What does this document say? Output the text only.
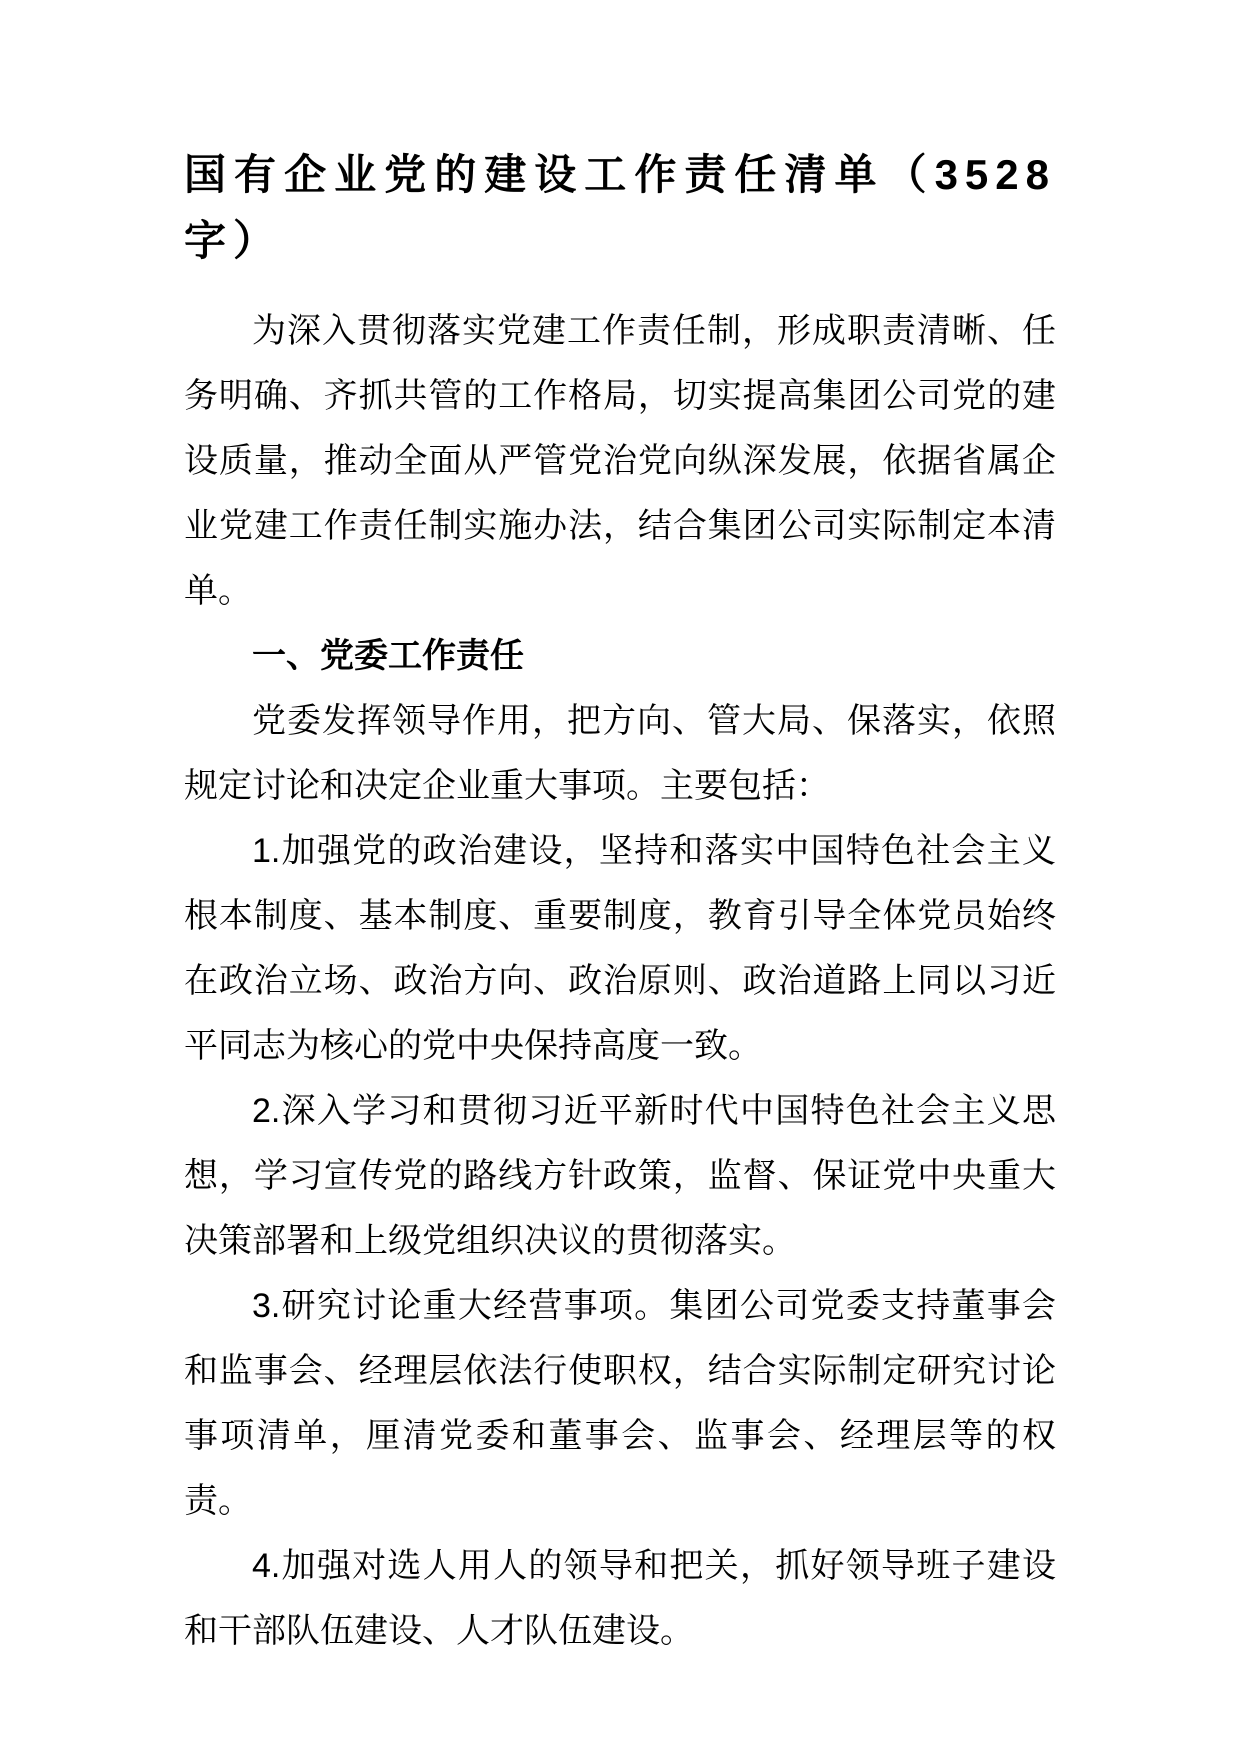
国有企业党的建设工作责任清单（3528字）

为深入贯彻落实党建工作责任制，形成职责清晰、任务明确、齐抓共管的工作格局，切实提高集团公司党的建设质量，推动全面从严管党治党向纵深发展，依据省属企业党建工作责任制实施办法，结合集团公司实际制定本清单。

一、党委工作责任

党委发挥领导作用，把方向、管大局、保落实，依照规定讨论和决定企业重大事项。主要包括：

1.加强党的政治建设，坚持和落实中国特色社会主义根本制度、基本制度、重要制度，教育引导全体党员始终在政治立场、政治方向、政治原则、政治道路上同以习近平同志为核心的党中央保持高度一致。

2.深入学习和贯彻习近平新时代中国特色社会主义思想，学习宣传党的路线方针政策，监督、保证党中央重大决策部署和上级党组织决议的贯彻落实。

3.研究讨论重大经营事项。集团公司党委支持董事会和监事会、经理层依法行使职权，结合实际制定研究讨论事项清单，厘清党委和董事会、监事会、经理层等的权责。

4.加强对选人用人的领导和把关，抓好领导班子建设和干部队伍建设、人才队伍建设。
